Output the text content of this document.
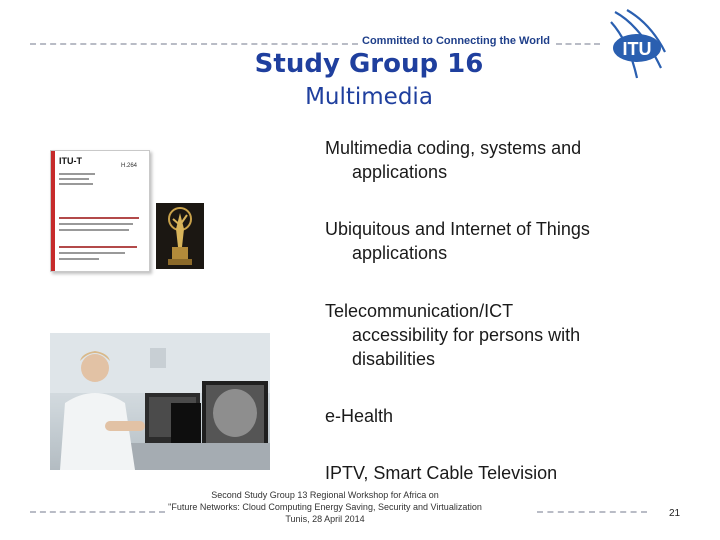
Committed to Connecting the World	ITU
Study Group 16
Multimedia
ITU-T	H.264
Multimedia coding, systems and
applications
Ubiquitous and Internet of Things
applications
Telecommunication/ICT
accessibility for persons with
disabilities
e-Health
IPTV, Smart Cable Television
Second Study Group 13 Regional Workshop for Africa on
"Future Networks: Cloud Computing Energy Saving, Security and Virtualization
Tunis, 28 April 2014	21
